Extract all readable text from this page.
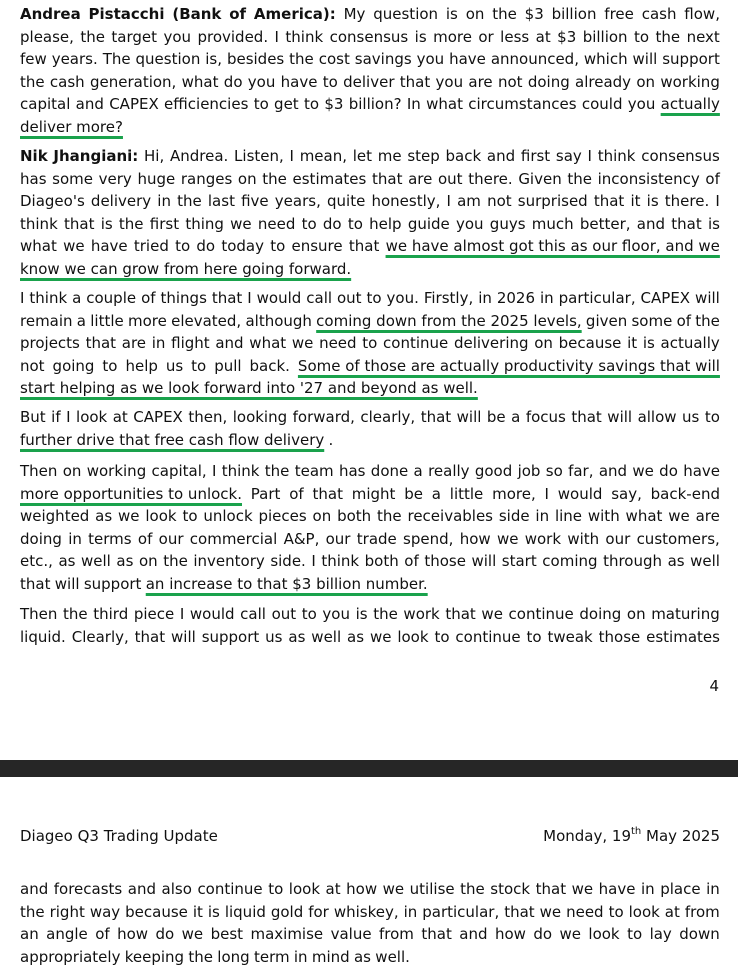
Andrea Pistacchi (Bank of America): My question is on the $3 billion free cash flow,
please, the target you provided. I think consensus is more or less at $3 billion to the next
few years. The question is, besides the cost savings you have announced, which will support
the cash generation, what do you have to deliver that you are not doing already on working
capital and CAPEX efficiencies to get to $3 billion? In what circumstances could you actually
deliver more?
Nik Jhangiani: Hi, Andrea. Listen, I mean, let me step back and first say I think consensus
has some very huge ranges on the estimates that are out there. Given the inconsistency of
Diageo's delivery in the last five years, quite honestly, I am not surprised that it is there. I
think that is the first thing we need to do to help guide you guys much better, and that is
what we have tried to do today to ensure that we have almost got this as our floor, and we
know we can grow from here going forward.
I think a couple of things that I would call out to you. Firstly, in 2026 in particular, CAPEX will
remain a little more elevated, although coming down from the 2025 levels, given some of the
projects that are in flight and what we need to continue delivering on because it is actually
not going to help us to pull back. Some of those are actually productivity savings that will
start helping as we look forward into '27 and beyond as well.
But if I look at CAPEX then, looking forward, clearly, that will be a focus that will allow us to
further drive that free cash flow delivery .
Then on working capital, I think the team has done a really good job so far, and we do have
more opportunities to unlock. Part of that might be a little more, I would say, back-end
weighted as we look to unlock pieces on both the receivables side in line with what we are
doing in terms of our commercial A&P, our trade spend, how we work with our customers,
etc., as well as on the inventory side. I think both of those will start coming through as well
that will support an increase to that $3 billion number.
Then the third piece I would call out to you is the work that we continue doing on maturing
liquid. Clearly, that will support us as well as we look to continue to tweak those estimates
4
Diageo Q3 Trading Update	Monday, 19th May 2025
and forecasts and also continue to look at how we utilise the stock that we have in place in
the right way because it is liquid gold for whiskey, in particular, that we need to look at from
an angle of how do we best maximise value from that and how do we look to lay down
appropriately keeping the long term in mind as well.
